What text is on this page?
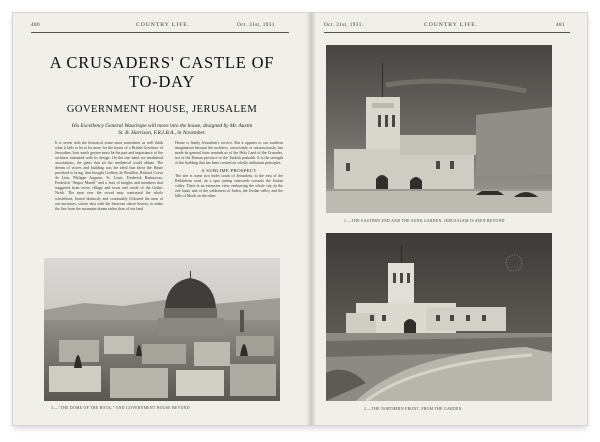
480	COUNTRY LIFE.	Oct. 31st, 1931
A CRUSADERS' CASTLE OF
TO-DAY
GOVERNMENT HOUSE, JERUSALEM
His Excellency General Wauchope will move into the house, designed by Mr. Austin
St. B. Harrison, F.R.I.B.A., in November.
It is seven with the historical sense must sometimes as well think what it fails to be to be more for the house of a British Governor of Jerusalem, how much greater must be the part and importance of the architect entrusted with its design. On the one hand are mediaeval associations, the plans that set the mediaeval world ablaze. The dream of voices and building was the ideal that those the Haute preached to bring, that brought Godfrey de Bouillon, Richard Coeur de Lion, Philippe Auguste, St. Louis, Frederick Barbarossa, Frederick "Stupor Mundi" and a host of knights and members that staggered from every village and town and castle of the Gothic North. The men over the sword may contrasted the whole wholeheart, feared distinctly and continually followed the men of our ancestors, whose dust with the Saracens where history, to make the line from the mountain dream rather than of our land.
House is firmly Jerusalem's service. But it appears to our southern imagination because the architect, consciously or unconsciously, has made its general form reminds us of the Holy Land of the Crusades, not of the Roman province or the Turkish pashalik. It is the strength of the building that has been created on wholly utilitarian principles.
A SUBLIME PROSPECT
The site is some two miles south of Jerusalem, to the east of the Bethlehem road, on a spur jutting eastwards towards the Jordan valley. There is an extensive view, embracing the whole city on the one hand, and of the wilderness of Judea, the Jordan valley and the hills of Moab on the other.
3.—"THE DOME OF THE ROCK," AND GOVERNMENT HOUSE BEYOND
Oct. 31st, 1931.	COUNTRY LIFE.	481
1.—THE EASTERN END AND THE SUNK GARDEN. JERUSALEM IS SEEN BEYOND
2.—THE NORTHERN FRONT, FROM THE GARDEN
